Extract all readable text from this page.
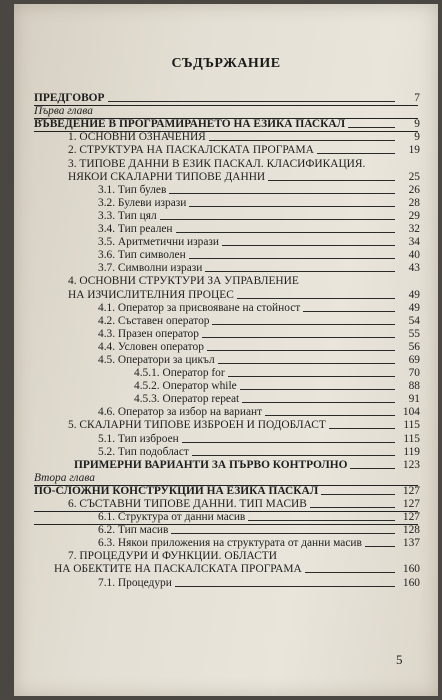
СЪДЪРЖАНИЕ
ПРЕДГОВОР	7
Първа глава
ВЪВЕДЕНИЕ В ПРОГРАМИРАНЕТО НА ЕЗИКА ПАСКАЛ	9
1. ОСНОВНИ ОЗНАЧЕНИЯ	9
2. СТРУКТУРА НА ПАСКАЛСКАТА ПРОГРАМА	19
3. ТИПОВЕ ДАННИ В ЕЗИК ПАСКАЛ. КЛАСИФИКАЦИЯ.
НЯКОИ СКАЛАРНИ ТИПОВЕ ДАННИ	25
3.1. Тип булев	26
3.2. Булеви изрази	28
3.3. Тип цял	29
3.4. Тип реален	32
3.5. Аритметични изрази	34
3.6. Тип символен	40
3.7. Символни изрази	43
4. ОСНОВНИ СТРУКТУРИ ЗА УПРАВЛЕНИЕ
НА ИЗЧИСЛИТЕЛНИЯ ПРОЦЕС	49
4.1. Оператор за присвояване на стойност	49
4.2. Съставен оператор	54
4.3. Празен оператор	55
4.4. Условен оператор	56
4.5. Оператори за цикъл	69
4.5.1. Оператор for	70
4.5.2. Оператор while	88
4.5.3. Оператор repeat	91
4.6. Оператор за избор на вариант	104
5. СКАЛАРНИ ТИПОВЕ ИЗБРОЕН И ПОДОБЛАСТ	115
5.1. Тип изброен	115
5.2. Тип подобласт	119
ПРИМЕРНИ ВАРИАНТИ ЗА ПЪРВО КОНТРОЛНО	123
Втора глава
ПО-СЛОЖНИ КОНСТРУКЦИИ НА ЕЗИКА ПАСКАЛ	127
6. СЪСТАВНИ ТИПОВЕ ДАННИ. ТИП МАСИВ	127
6.1. Структура от данни масив	127
6.2. Тип масив	128
6.3. Някои приложения на структурата от данни масив	137
7. ПРОЦЕДУРИ И ФУНКЦИИ. ОБЛАСТИ
НА ОБЕКТИТЕ НА ПАСКАЛСКАТА ПРОГРАМА	160
7.1. Процедури	160
5
